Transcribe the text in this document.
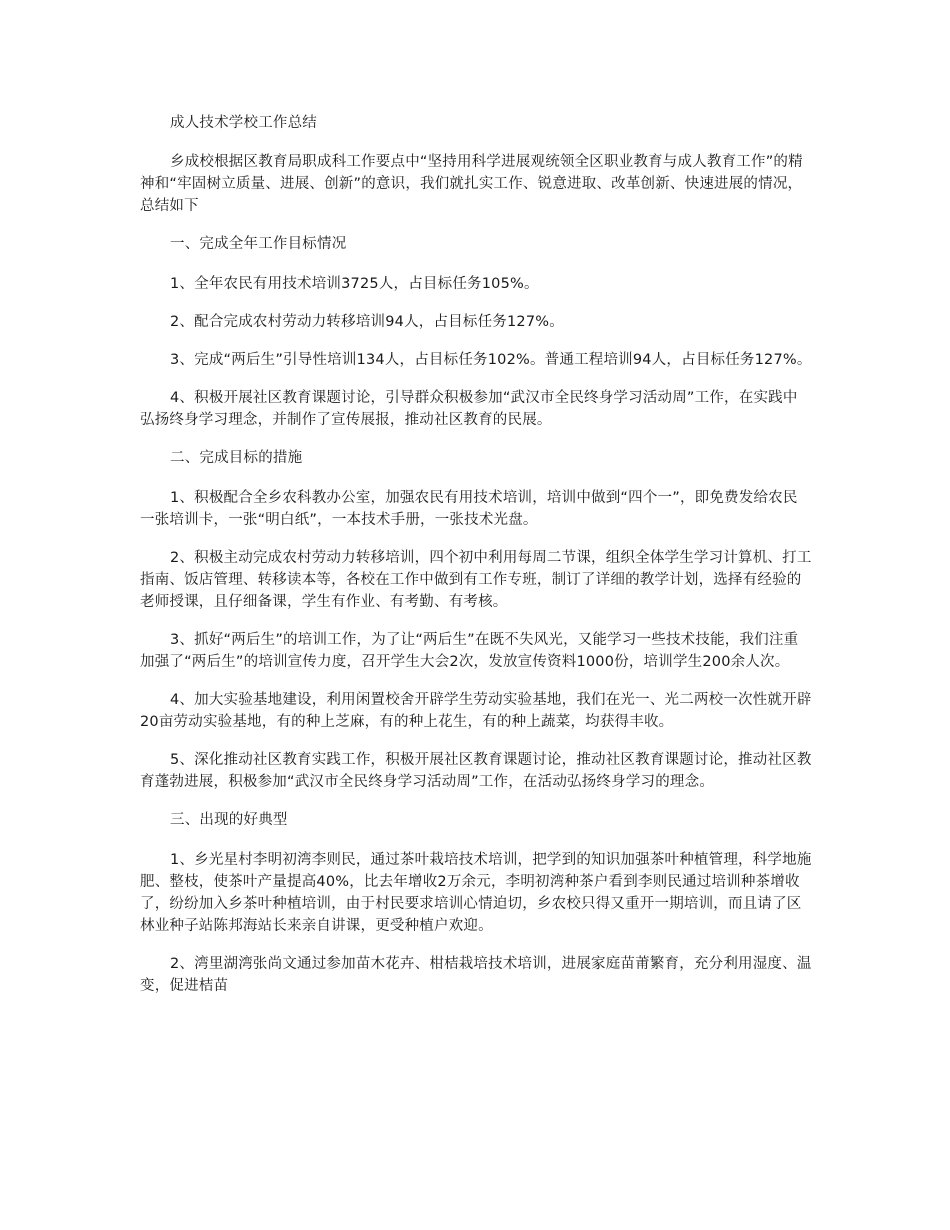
成人技术学校工作总结

乡成校根据区教育局职成科工作要点中“坚持用科学进展观统领全区职业教育与成人教育工作”的精神和“牢固树立质量、进展、创新”的意识，我们就扎实工作、锐意进取、改革创新、快速进展的情况，总结如下

一、完成全年工作目标情况

1、全年农民有用技术培训3725人，占目标任务105%。

2、配合完成农村劳动力转移培训94人，占目标任务127%。

3、完成“两后生”引导性培训134人，占目标任务102%。普通工程培训94人，占目标任务127%。

4、积极开展社区教育课题讨论，引导群众积极参加“武汉市全民终身学习活动周”工作，在实践中弘扬终身学习理念，并制作了宣传展报，推动社区教育的民展。

二、完成目标的措施

1、积极配合全乡农科教办公室，加强农民有用技术培训，培训中做到“四个一”，即免费发给农民一张培训卡，一张“明白纸”，一本技术手册，一张技术光盘。

2、积极主动完成农村劳动力转移培训，四个初中利用每周二节课，组织全体学生学习计算机、打工指南、饭店管理、转移读本等，各校在工作中做到有工作专班，制订了详细的教学计划，选择有经验的老师授课，且仔细备课，学生有作业、有考勤、有考核。

3、抓好“两后生”的培训工作，为了让“两后生”在既不失风光，又能学习一些技术技能，我们注重加强了“两后生”的培训宣传力度，召开学生大会2次，发放宣传资料1000份，培训学生200余人次。

4、加大实验基地建设，利用闲置校舍开辟学生劳动实验基地，我们在光一、光二两校一次性就开辟20亩劳动实验基地，有的种上芝麻，有的种上花生，有的种上蔬菜，均获得丰收。

5、深化推动社区教育实践工作，积极开展社区教育课题讨论，推动社区教育课题讨论，推动社区教育蓬勃进展，积极参加“武汉市全民终身学习活动周”工作，在活动弘扬终身学习的理念。

三、出现的好典型

1、乡光星村李明初湾李则民，通过茶叶栽培技术培训，把学到的知识加强茶叶种植管理，科学地施肥、整枝，使茶叶产量提高40%，比去年增收2万余元，李明初湾种茶户看到李则民通过培训种茶增收了，纷纷加入乡茶叶种植培训，由于村民要求培训心情迫切，乡农校只得又重开一期培训，而且请了区林业种子站陈邦海站长来亲自讲课，更受种植户欢迎。

2、湾里湖湾张尚文通过参加苗木花卉、柑桔栽培技术培训，进展家庭苗莆繁育，充分利用湿度、温变，促进桔苗
